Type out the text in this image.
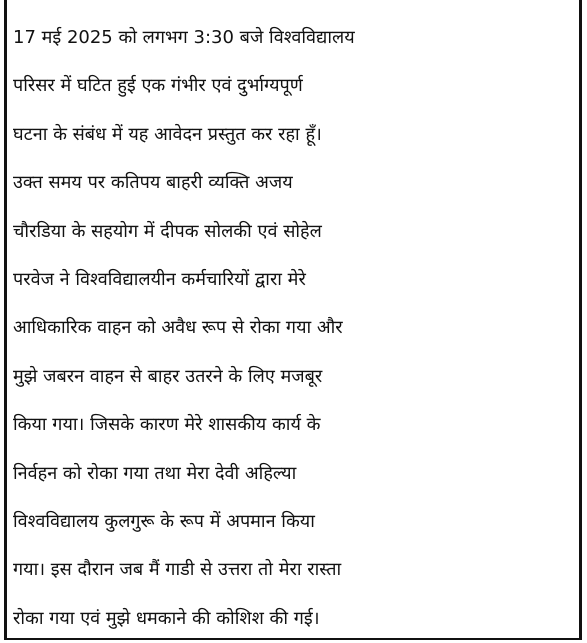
17 मई 2025 को लगभग 3:30 बजे विश्वविद्यालय
परिसर में घटित हुई एक गंभीर एवं दुर्भाग्यपूर्ण
घटना के संबंध में यह आवेदन प्रस्तुत कर रहा हूँ।
उक्त समय पर कतिपय बाहरी व्यक्ति अजय
चौरडिया के सहयोग में दीपक सोलकी एवं सोहेल
परवेज ने विश्वविद्यालयीन कर्मचारियों द्वारा मेरे
आधिकारिक वाहन को अवैध रूप से रोका गया और
मुझे जबरन वाहन से बाहर उतरने के लिए मजबूर
किया गया। जिसके कारण मेरे शासकीय कार्य के
निर्वहन को रोका गया तथा मेरा देवी अहिल्या
विश्वविद्यालय कुलगुरू के रूप में अपमान किया
गया। इस दौरान जब मैं गाडी से उत्तरा तो मेरा रास्ता
रोका गया एवं मुझे धमकाने की कोशिश की गई।
